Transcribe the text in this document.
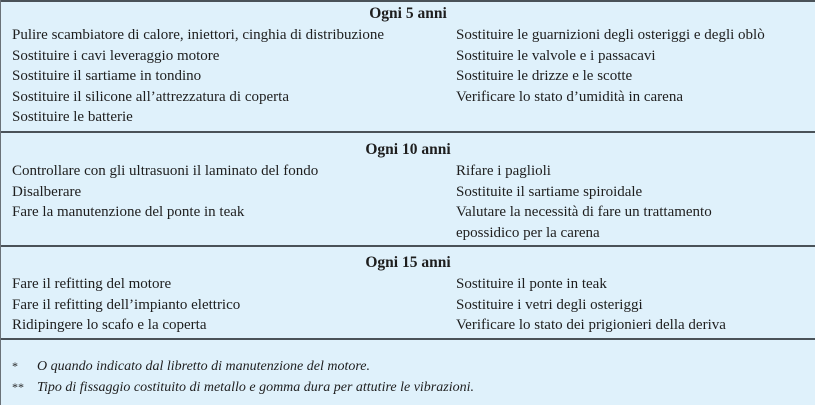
Ogni 5 anni
Pulire scambiatore di calore, iniettori, cinghia di distribuzione
Sostituire i cavi leveraggio motore
Sostituire il sartiame in tondino
Sostituire il silicone all’attrezzatura di coperta
Sostituire le batterie
Sostituire le guarnizioni degli osteriggi e degli oblò
Sostituire le valvole e i passacavi
Sostituire le drizze e le scotte
Verificare lo stato d’umidità in carena
Ogni 10 anni
Controllare con gli ultrasuoni il laminato del fondo
Disalberare
Fare la manutenzione del ponte in teak
Rifare i paglioli
Sostituite il sartiame spiroidale
Valutare la necessità di fare un trattamento
epossidico per la carena
Ogni 15 anni
Fare il refitting del motore
Fare il refitting dell’impianto elettrico
Ridipingere lo scafo e la coperta
Sostituire il ponte in teak
Sostituire i vetri degli osteriggi
Verificare lo stato dei prigionieri della deriva
* O quando indicato dal libretto di manutenzione del motore.
** Tipo di fissaggio costituito di metallo e gomma dura per attutire le vibrazioni.
